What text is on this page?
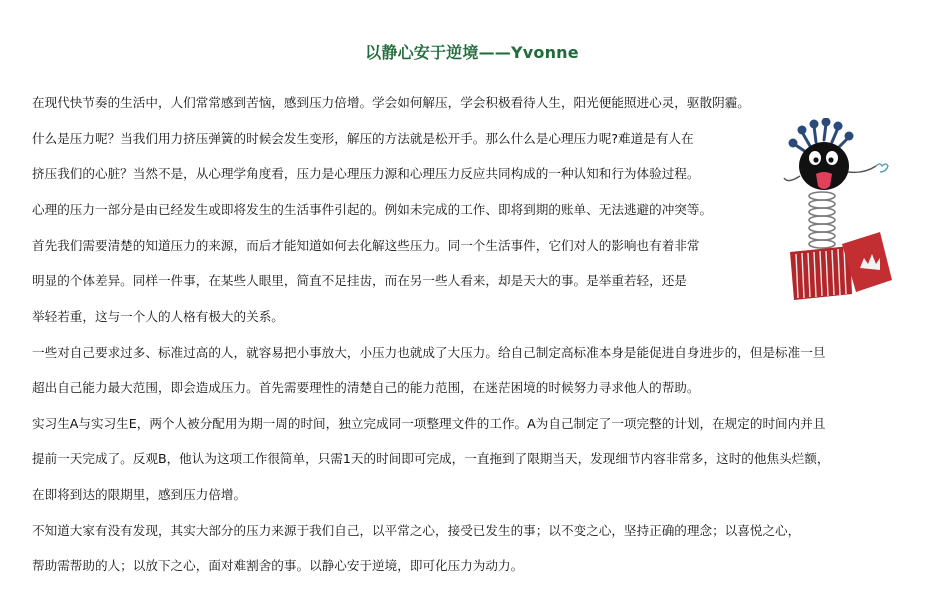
以静心安于逆境——Yvonne
在现代快节奏的生活中，人们常常感到苦恼，感到压力倍增。学会如何解压，学会积极看待人生，阳光便能照进心灵，驱散阴霾。
什么是压力呢？当我们用力挤压弹簧的时候会发生变形，解压的方法就是松开手。那么什么是心理压力呢?难道是有人在
挤压我们的心脏？当然不是，从心理学角度看，压力是心理压力源和心理压力反应共同构成的一种认知和行为体验过程。
心理的压力一部分是由已经发生或即将发生的生活事件引起的。例如未完成的工作、即将到期的账单、无法逃避的冲突等。
首先我们需要清楚的知道压力的来源，而后才能知道如何去化解这些压力。同一个生活事件，它们对人的影响也有着非常
明显的个体差异。同样一件事，在某些人眼里，简直不足挂齿，而在另一些人看来，却是天大的事。是举重若轻，还是
举轻若重，这与一个人的人格有极大的关系。
一些对自己要求过多、标准过高的人，就容易把小事放大，小压力也就成了大压力。给自己制定高标准本身是能促进自身进步的，但是标准一旦
超出自己能力最大范围，即会造成压力。首先需要理性的清楚自己的能力范围，在迷茫困境的时候努力寻求他人的帮助。
实习生A与实习生E，两个人被分配用为期一周的时间，独立完成同一项整理文件的工作。A为自己制定了一项完整的计划，在规定的时间内并且
提前一天完成了。反观B，他认为这项工作很简单，只需1天的时间即可完成，一直拖到了限期当天，发现细节内容非常多，这时的他焦头烂额，
在即将到达的限期里，感到压力倍增。
不知道大家有没有发现，其实大部分的压力来源于我们自己，以平常之心，接受已发生的事；以不变之心，坚持正确的理念；以喜悦之心，
帮助需帮助的人；以放下之心，面对难割舍的事。以静心安于逆境，即可化压力为动力。
